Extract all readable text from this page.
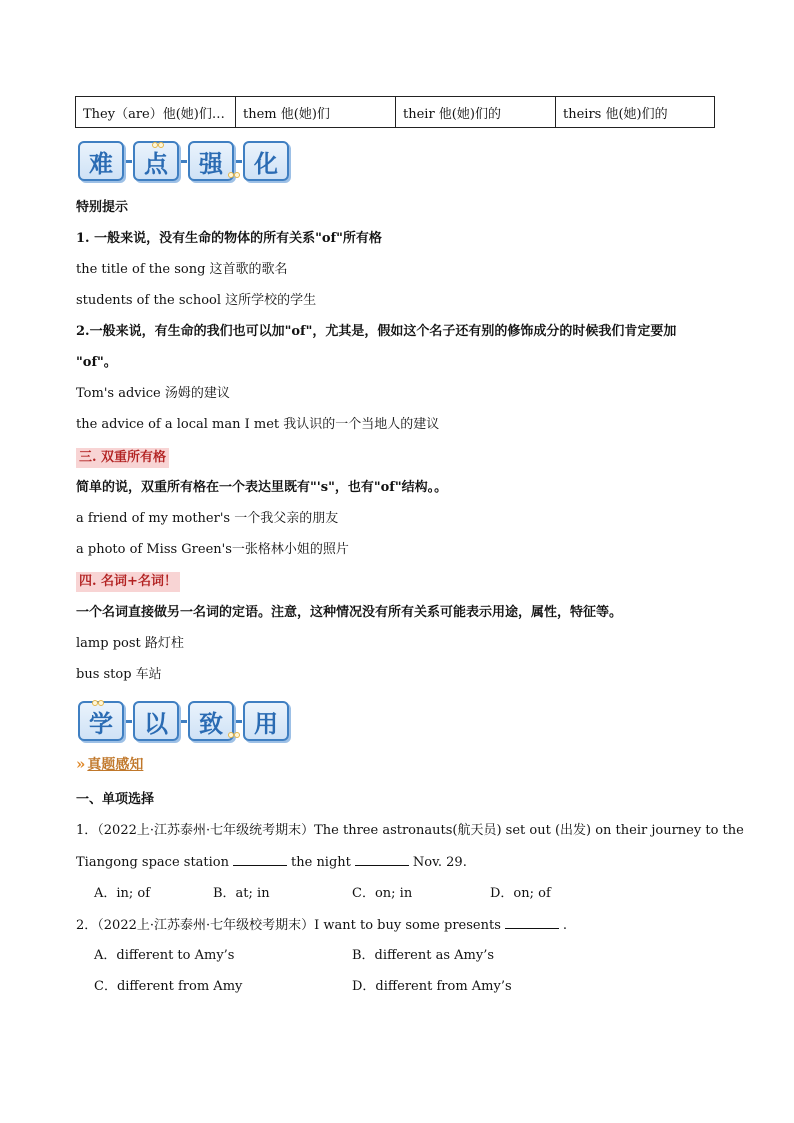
They（are）他(她)们…	them 他(她)们	their 他(她)们的	theirs 他(她)们的
难	点	强	化
特别提示
1. 一般来说，没有生命的物体的所有关系"of"所有格
the title of the song 这首歌的歌名
students of the school 这所学校的学生
2.一般来说，有生命的我们也可以加"of"，尤其是，假如这个名子还有别的修饰成分的时候我们肯定要加
"of"。
Tom's advice 汤姆的建议
the advice of a local man I met 我认识的一个当地人的建议
三. 双重所有格
简单的说，双重所有格在一个表达里既有"'s"，也有"of"结构。。
a friend of my mother's 一个我父亲的朋友
a photo of Miss Green's一张格林小姐的照片
四. 名词+名词！
一个名词直接做另一名词的定语。注意，这种情况没有所有关系可能表示用途，属性，特征等。
lamp post 路灯柱
bus stop 车站
学	以	致	用
» 真题感知
一、单项选择
1．（2022上·江苏泰州·七年级统考期末）The three astronauts(航天员) set out (出发) on their journey to the
Tiangong space station	the night	Nov. 29.
A．in; of	B．at; in	C．on; in	D．on; of
2．（2022上·江苏泰州·七年级校考期末）I want to buy some presents	.
A．different to Amy’s	B．different as Amy’s
C．different from Amy	D．different from Amy’s
